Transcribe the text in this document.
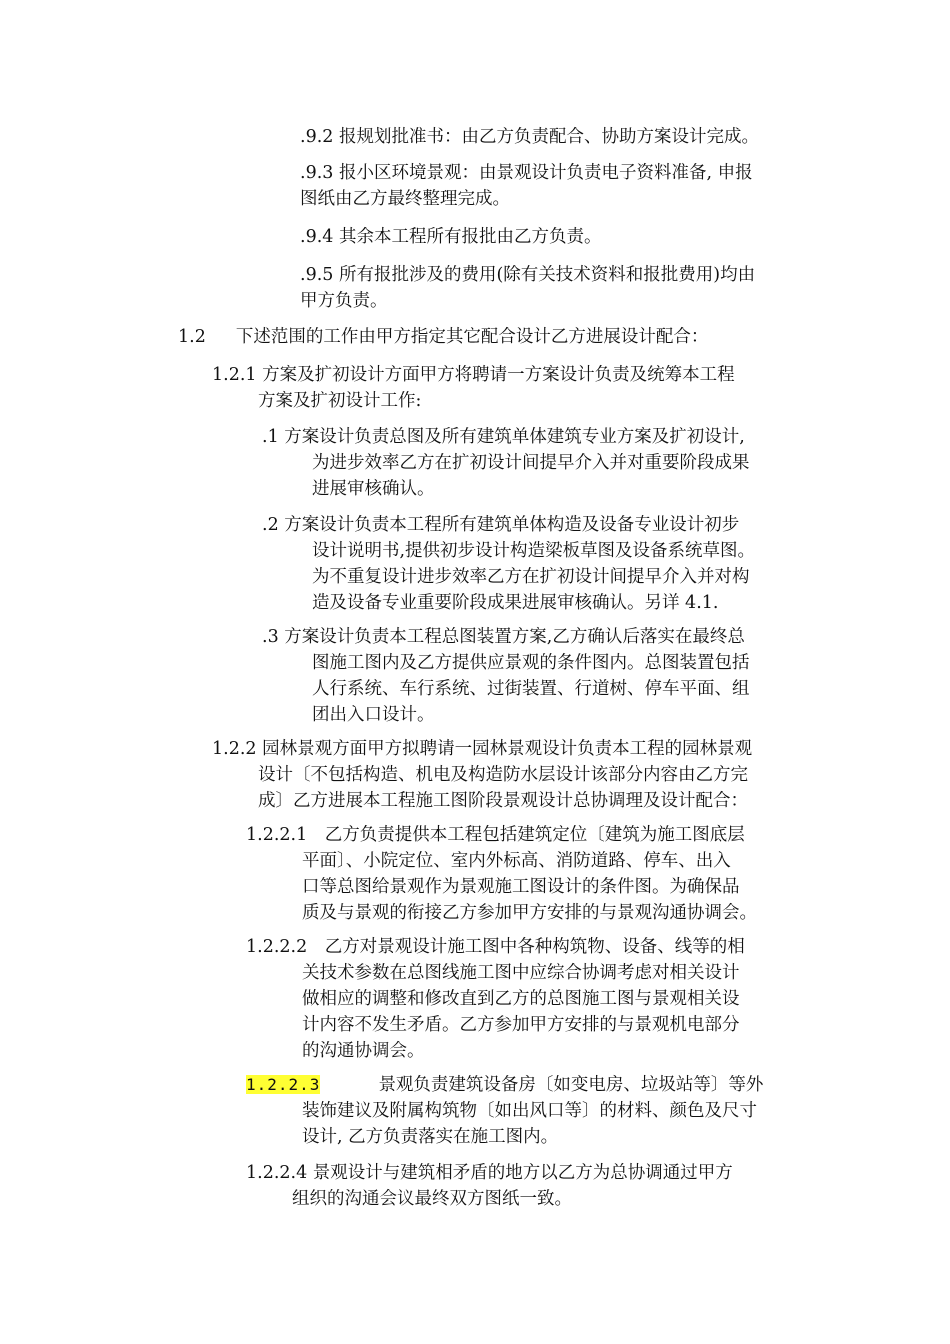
.9.2 报规划批准书：由乙方负责配合、协助方案设计完成。
.9.3 报小区环境景观：由景观设计负责电子资料准备, 申报
图纸由乙方最终整理完成。
.9.4 其余本工程所有报批由乙方负责。
.9.5 所有报批涉及的费用(除有关技术资料和报批费用)均由
甲方负责。
1.2 下述范围的工作由甲方指定其它配合设计乙方进展设计配合：
1.2.1 方案及扩初设计方面甲方将聘请一方案设计负责及统筹本工程
方案及扩初设计工作:
.1 方案设计负责总图及所有建筑单体建筑专业方案及扩初设计,
为进步效率乙方在扩初设计间提早介入并对重要阶段成果
进展审核确认。
.2 方案设计负责本工程所有建筑单体构造及设备专业设计初步
设计说明书,提供初步设计构造梁板草图及设备系统草图。
为不重复设计进步效率乙方在扩初设计间提早介入并对构
造及设备专业重要阶段成果进展审核确认。另详 4.1.
.3 方案设计负责本工程总图装置方案,乙方确认后落实在最终总
图施工图内及乙方提供应景观的条件图内。总图装置包括
人行系统、车行系统、过街装置、行道树、停车平面、组
团出入口设计。
1.2.2 园林景观方面甲方拟聘请一园林景观设计负责本工程的园林景观
设计〔不包括构造、机电及构造防水层设计该部分内容由乙方完
成〕乙方进展本工程施工图阶段景观设计总协调理及设计配合：
1.2.2.1　乙方负责提供本工程包括建筑定位〔建筑为施工图底层
平面〕、小院定位、室内外标高、消防道路、停车、出入
口等总图给景观作为景观施工图设计的条件图。为确保品
质及与景观的衔接乙方参加甲方安排的与景观沟通协调会。
1.2.2.2　乙方对景观设计施工图中各种构筑物、设备、线等的相
关技术参数在总图线施工图中应综合协调考虑对相关设计
做相应的调整和修改直到乙方的总图施工图与景观相关设
计内容不发生矛盾。乙方参加甲方安排的与景观机电部分
的沟通协调会。
1.2.2.3	景观负责建筑设备房〔如变电房、垃圾站等〕等外
装饰建议及附属构筑物〔如出风口等〕的材料、颜色及尺寸
设计, 乙方负责落实在施工图内。
1.2.2.4 景观设计与建筑相矛盾的地方以乙方为总协调通过甲方
组织的沟通会议最终双方图纸一致。
